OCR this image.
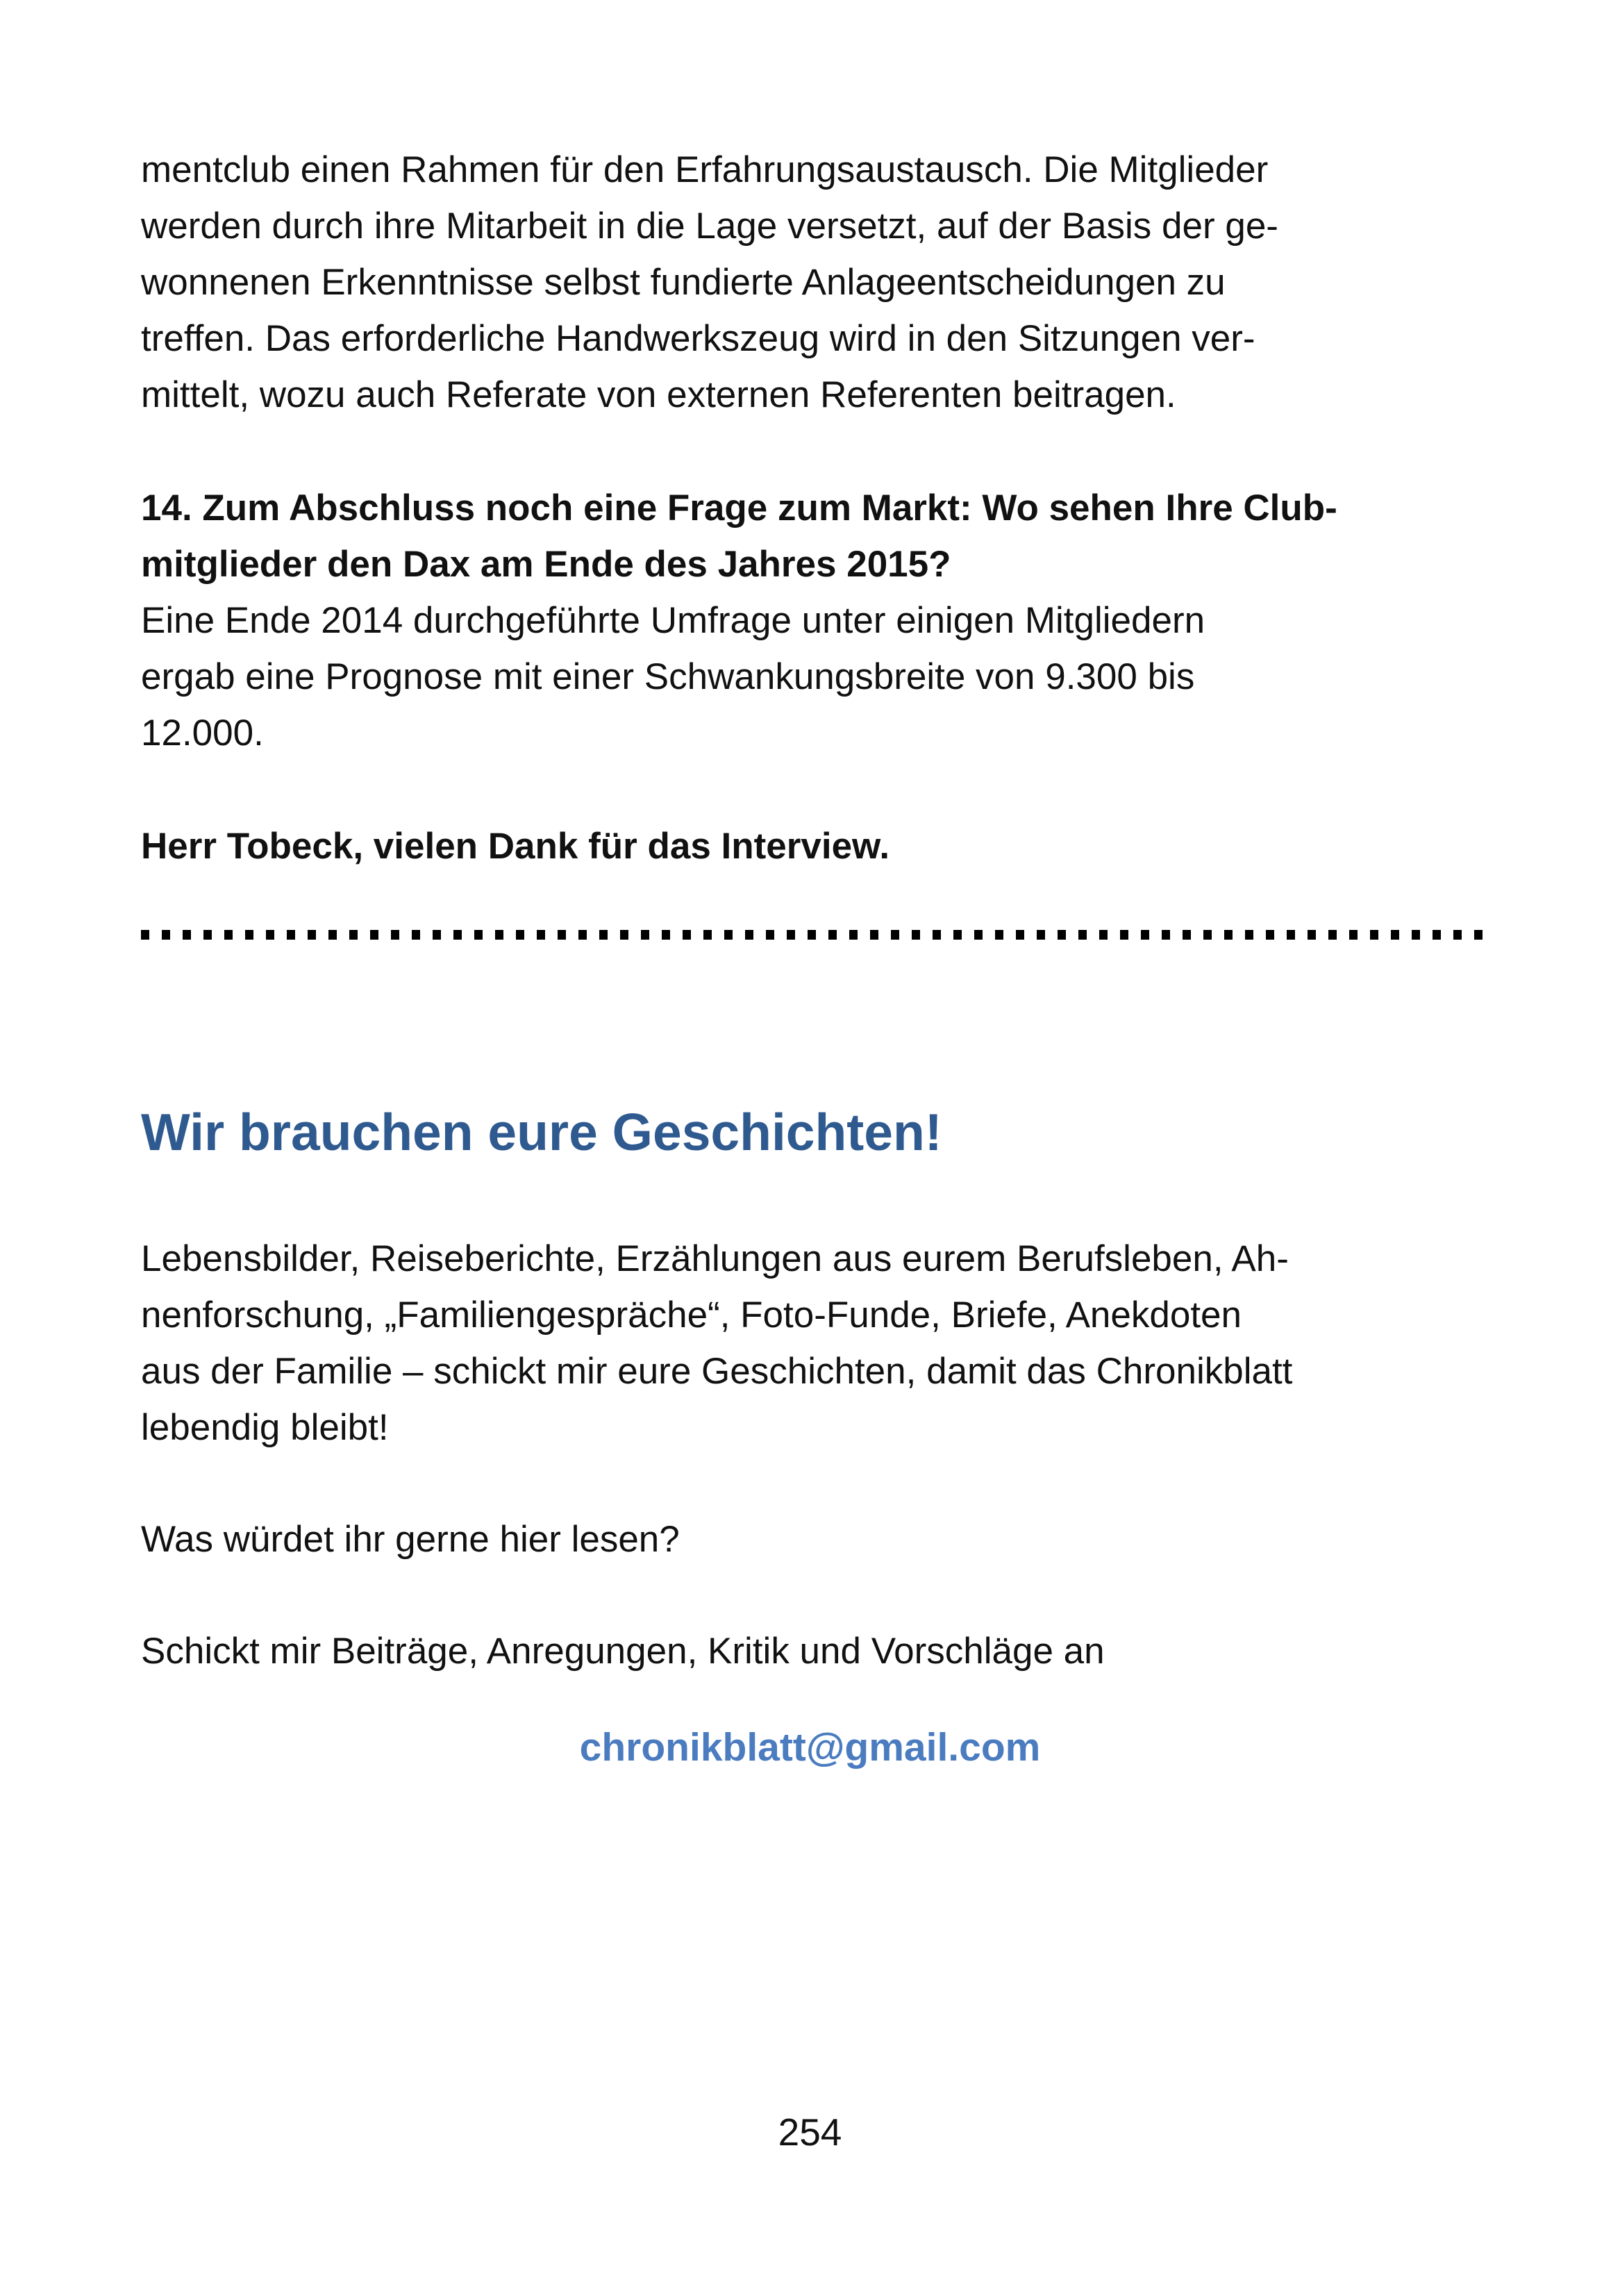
mentclub einen Rahmen für den Erfahrungsaustausch. Die Mitglieder
werden durch ihre Mitarbeit in die Lage versetzt, auf der Basis der ge-
wonnenen Erkenntnisse selbst fundierte Anlageentscheidungen zu
treffen. Das erforderliche Handwerkszeug wird in den Sitzungen ver-
mittelt, wozu auch Referate von externen Referenten beitragen.
14. Zum Abschluss noch eine Frage zum Markt: Wo sehen Ihre Club-
mitglieder den Dax am Ende des Jahres 2015?
Eine Ende 2014 durchgeführte Umfrage unter einigen Mitgliedern
ergab eine Prognose mit einer Schwankungsbreite von 9.300 bis
12.000.
Herr Tobeck, vielen Dank für das Interview.
Wir brauchen eure Geschichten!
Lebensbilder, Reiseberichte, Erzählungen aus eurem Berufsleben, Ah-
nenforschung, „Familiengespräche“, Foto-Funde, Briefe, Anekdoten
aus der Familie – schickt mir eure Geschichten, damit das Chronikblatt
lebendig bleibt!
Was würdet ihr gerne hier lesen?
Schickt mir Beiträge, Anregungen, Kritik und Vorschläge an
chronikblatt@gmail.com
254
